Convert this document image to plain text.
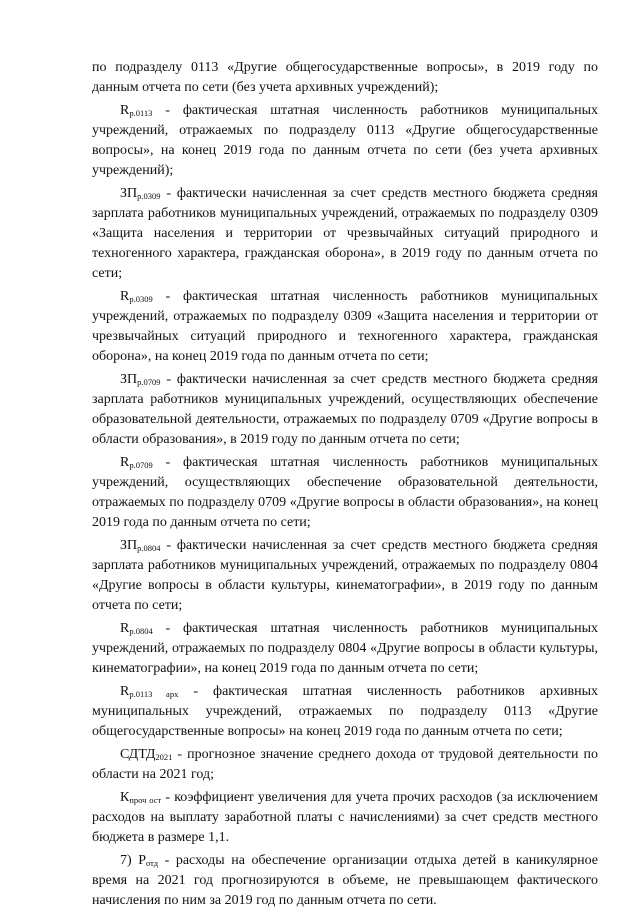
по подразделу 0113 «Другие общегосударственные вопросы», в 2019 году по данным отчета по сети (без учета архивных учреждений);

$R_{р.0113}$ - фактическая штатная численность работников муниципальных учреждений, отражаемых по подразделу 0113 «Другие общегосударственные вопросы», на конец 2019 года по данным отчета по сети (без учета архивных учреждений);

$ЗП_{р.0309}$ - фактически начисленная за счет средств местного бюджета средняя зарплата работников муниципальных учреждений, отражаемых по подразделу 0309 «Защита населения и территории от чрезвычайных ситуаций природного и техногенного характера, гражданская оборона», в 2019 году по данным отчета по сети;

$R_{р.0309}$ - фактическая штатная численность работников муниципальных учреждений, отражаемых по подразделу 0309 «Защита населения и территории от чрезвычайных ситуаций природного и техногенного характера, гражданская оборона», на конец 2019 года по данным отчета по сети;

$ЗП_{р.0709}$ - фактически начисленная за счет средств местного бюджета средняя зарплата работников муниципальных учреждений, осуществляющих обеспечение образовательной деятельности, отражаемых по подразделу 0709 «Другие вопросы в области образования», в 2019 году по данным отчета по сети;

$R_{р.0709}$ - фактическая штатная численность работников муниципальных учреждений, осуществляющих обеспечение образовательной деятельности, отражаемых по подразделу 0709 «Другие вопросы в области образования», на конец 2019 года по данным отчета по сети;

$ЗП_{р.0804}$ - фактически начисленная за счет средств местного бюджета средняя зарплата работников муниципальных учреждений, отражаемых по подразделу 0804 «Другие вопросы в области культуры, кинематографии», в 2019 году по данным отчета по сети;

$R_{р.0804}$ - фактическая штатная численность работников муниципальных учреждений, отражаемых по подразделу 0804 «Другие вопросы в области культуры, кинематографии», на конец 2019 года по данным отчета по сети;

$R_{р.0113 арх}$ - фактическая штатная численность работников архивных муниципальных учреждений, отражаемых по подразделу 0113 «Другие общегосударственные вопросы» на конец 2019 года по данным отчета по сети;

$СДТД_{2021}$ - прогнозное значение среднего дохода от трудовой деятельности по области на 2021 год;

$К_{проч ост}$ - коэффициент увеличения для учета прочих расходов (за исключением расходов на выплату заработной платы с начислениями) за счет средств местного бюджета в размере 1,1.

7) $Р_{отд}$ - расходы на обеспечение организации отдыха детей в каникулярное время на 2021 год прогнозируются в объеме, не превышающем фактического начисления по ним за 2019 год по данным отчета по сети.
